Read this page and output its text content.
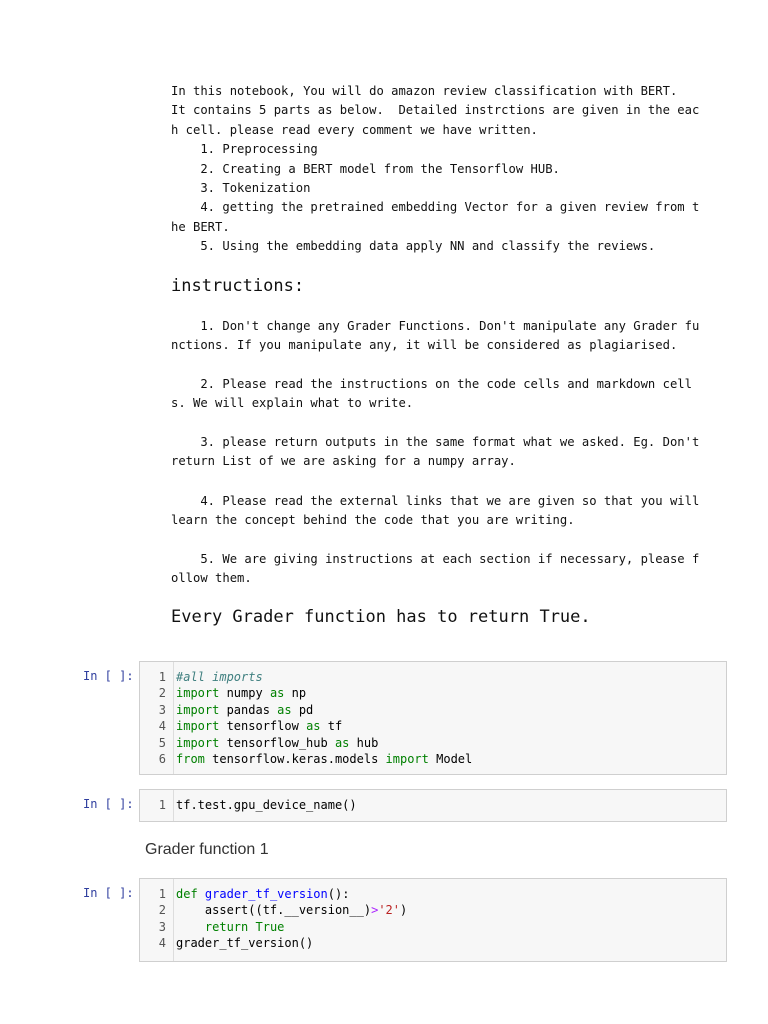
In this notebook, You will do amazon review classification with BERT.
It contains 5 parts as below.  Detailed instrctions are given in the eac
h cell. please read every comment we have written.
1. Preprocessing
2. Creating a BERT model from the Tensorflow HUB.
3. Tokenization
4. getting the pretrained embedding Vector for a given review from t
he BERT.
5. Using the embedding data apply NN and classify the reviews.
instructions:
1. Don't change any Grader Functions. Don't manipulate any Grader fu
nctions. If you manipulate any, it will be considered as plagiarised.
2. Please read the instructions on the code cells and markdown cell
s. We will explain what to write.
3. please return outputs in the same format what we asked. Eg. Don't
return List of we are asking for a numpy array.
4. Please read the external links that we are given so that you will
learn the concept behind the code that you are writing.
5. We are giving instructions at each section if necessary, please f
ollow them.
Every Grader function has to return True.
In [ ]:	1 #all imports
2 import numpy as np
3 import pandas as pd
4 import tensorflow as tf
5 import tensorflow_hub as hub
6 from tensorflow.keras.models import Model
In [ ]:	1 tf.test.gpu_device_name()
Grader function 1
In [ ]:	1 def grader_tf_version():
2 assert((tf.__version__)>'2')
3	return True
4 grader_tf_version()
